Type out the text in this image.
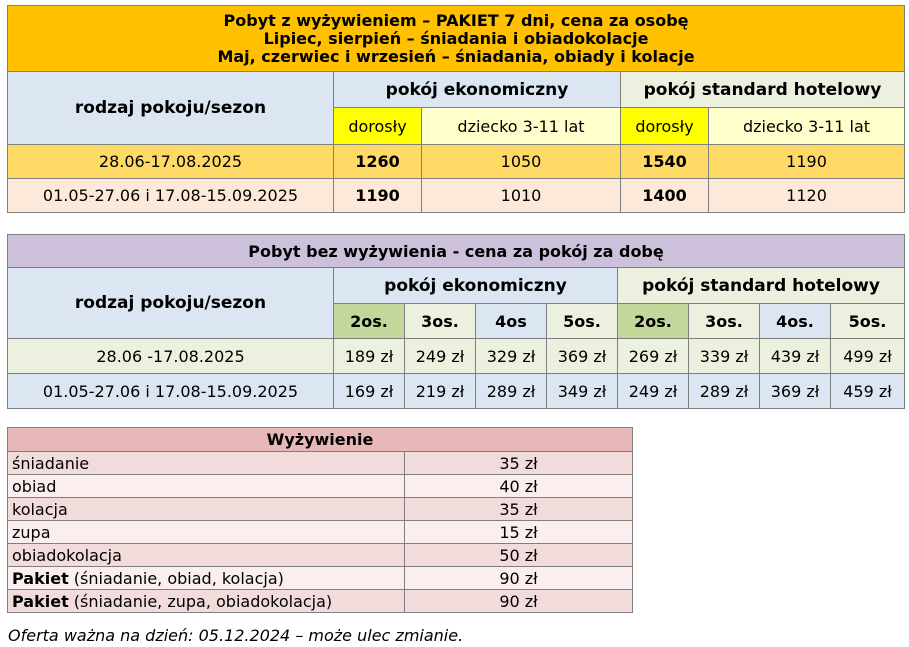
Pobyt z wyżywieniem – PAKIET 7 dni, cena za osobę
Lipiec, sierpień – śniadania i obiadokolacje
Maj, czerwiec i wrzesień – śniadania, obiady i kolacje				

rodzaj pokoju/sezon	pokój ekonomiczny		pokój standard hotelowy	
	dorosły	dziecko 3-11 lat	dorosły	dziecko 3-11 lat
28.06-17.08.2025	1260	1050	1540	1190
01.05-27.06 i 17.08-15.09.2025	1190	1010	1400	1120
Pobyt bez wyżywienia - cena za pokój za dobę								
rodzaj pokoju/sezon	pokój ekonomiczny				pokój standard hotelowy			
	2os.	3os.	4os	5os.	2os.	3os.	4os.	5os.
28.06 -17.08.2025	189 zł	249 zł	329 zł	369 zł	269 zł	339 zł	439 zł	499 zł
01.05-27.06 i 17.08-15.09.2025	169 zł	219 zł	289 zł	349 zł	249 zł	289 zł	369 zł	459 zł
Wyżywienie	
śniadanie	35 zł
obiad	40 zł
kolacja	35 zł
zupa	15 zł
obiadokolacja	50 zł
Pakiet (śniadanie, obiad, kolacja)	90 zł
Pakiet (śniadanie, zupa, obiadokolacja)	90 zł
Oferta ważna na dzień: 05.12.2024 – może ulec zmianie.
